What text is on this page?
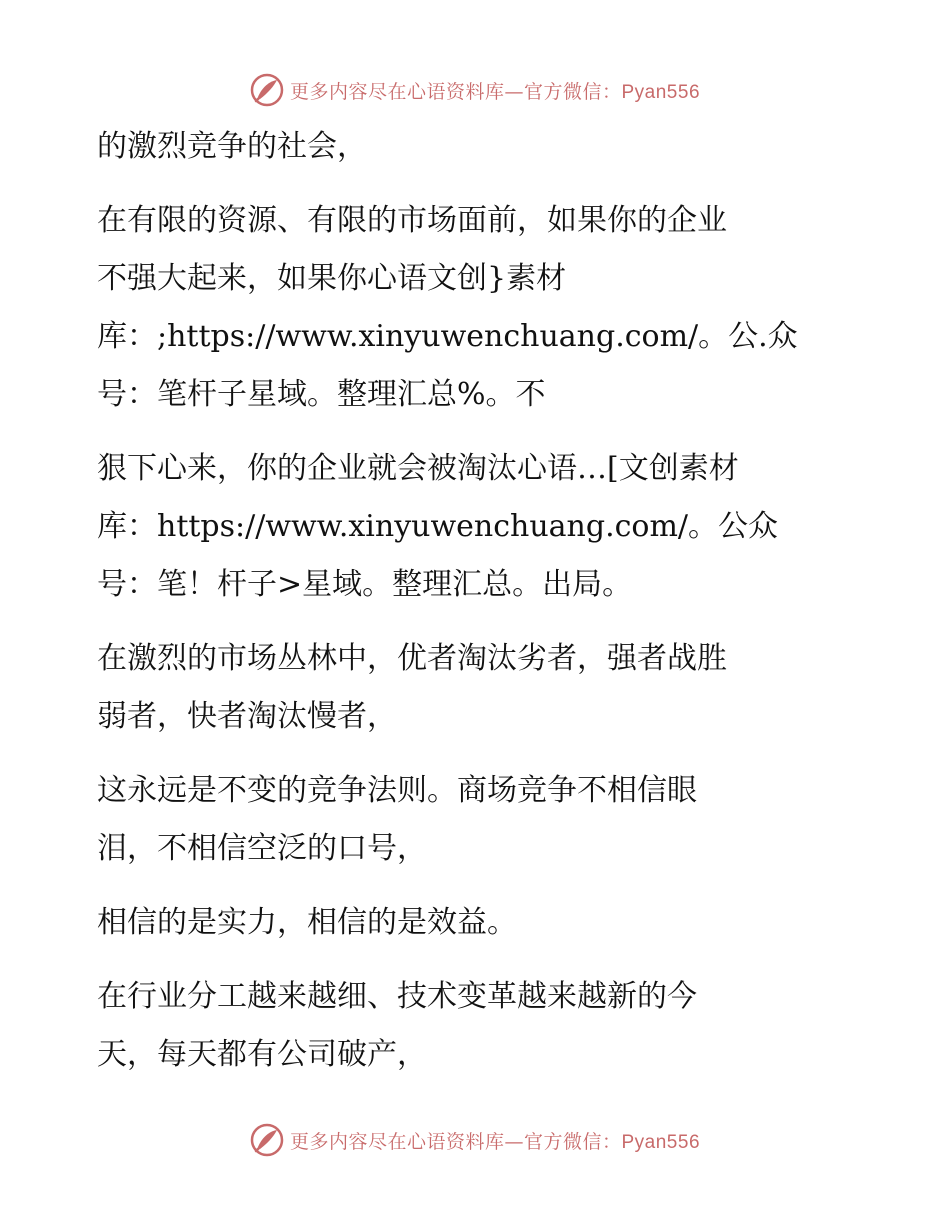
更多内容尽在心语资料库—官方微信：Pyan556

的激烈竞争的社会，

在有限的资源、有限的市场面前，如果你的企业
不强大起来，如果你心语文创}素材
库：;https://www.xinyuwenchuang.com/。公.众
号：笔杆子星域。整理汇总%。不

狠下心来，你的企业就会被淘汰心语…[文创素材
库：https://www.xinyuwenchuang.com/。公众
号：笔！杆子>星域。整理汇总。出局。

在激烈的市场丛林中，优者淘汰劣者，强者战胜
弱者，快者淘汰慢者，

这永远是不变的竞争法则。商场竞争不相信眼
泪，不相信空泛的口号，

相信的是实力，相信的是效益。

在行业分工越来越细、技术变革越来越新的今
天，每天都有公司破产，

更多内容尽在心语资料库—官方微信：Pyan556
